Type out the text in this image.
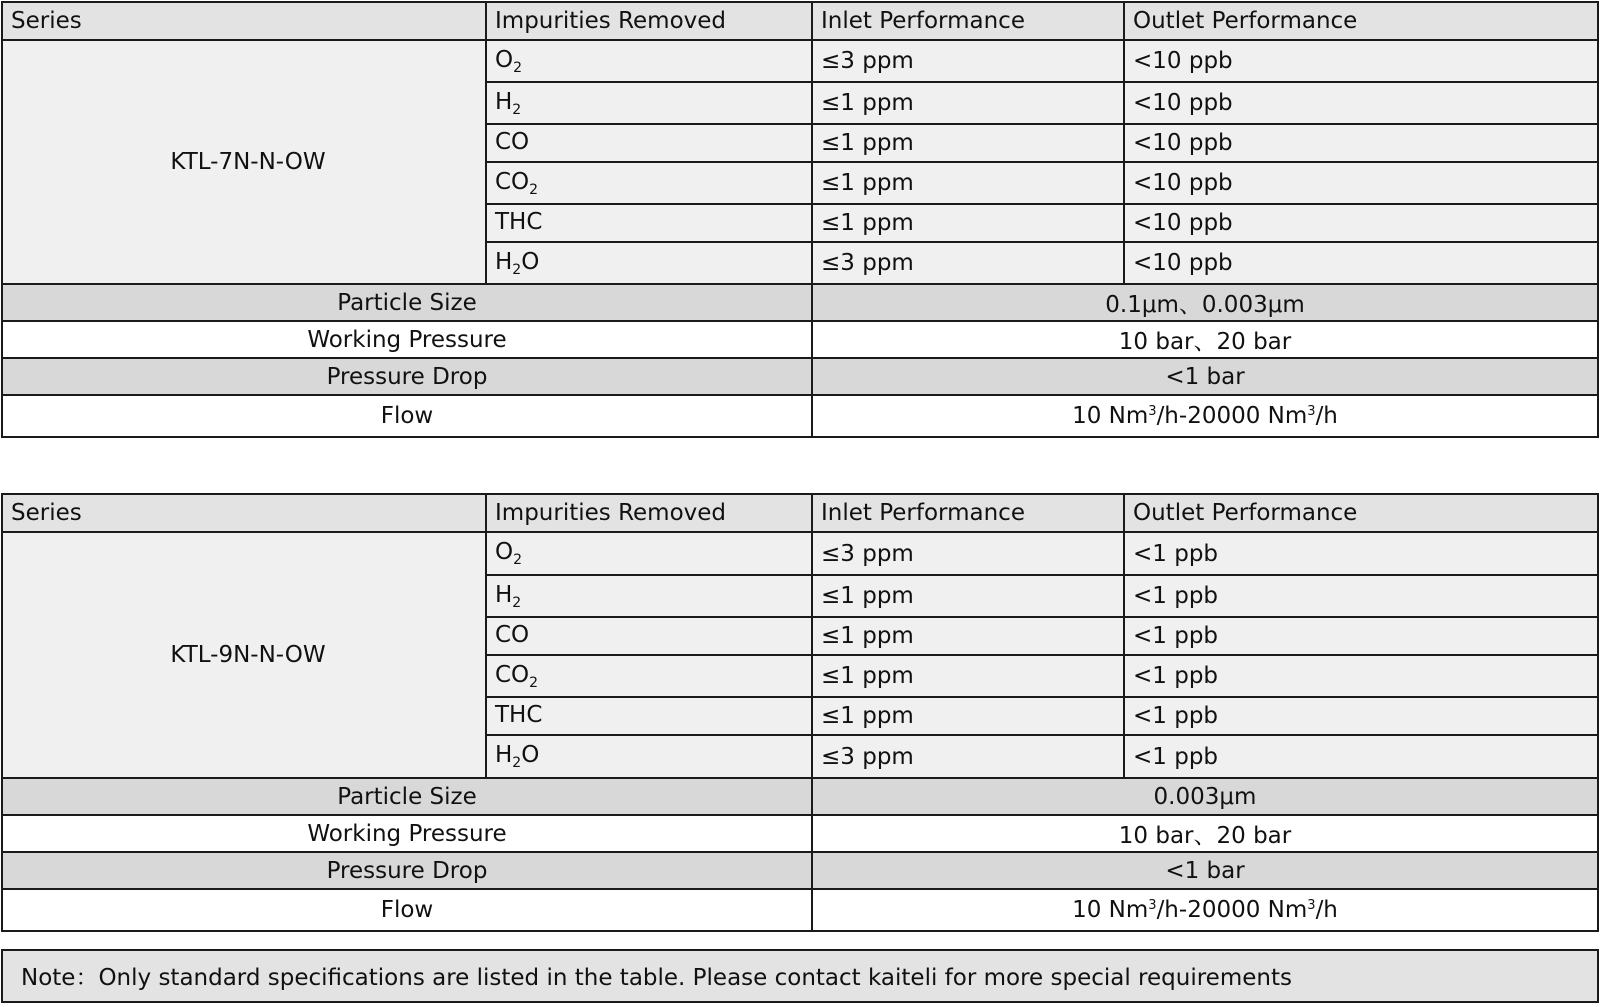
Series	Impurities Removed	Inlet Performance	Outlet Performance
KTL-7N-N-OW	$O_2$	≤3 ppm	<10 ppb
	$H_2$	≤1 ppm	<10 ppb
	CO	≤1 ppm	<10 ppb
	$CO_2$	≤1 ppm	<10 ppb
	THC	≤1 ppm	<10 ppb
	$H_2O$	≤3 ppm	<10 ppb
Particle Size		0.1μm、0.003μm	
Working Pressure		10 bar、20 bar	
Pressure Drop		<1 bar	
Flow		10 Nm$^3$/h-20000 Nm$^3$/h	
Series	Impurities Removed	Inlet Performance	Outlet Performance
KTL-9N-N-OW	$O_2$	≤3 ppm	<1 ppb
	$H_2$	≤1 ppm	<1 ppb
	CO	≤1 ppm	<1 ppb
	$CO_2$	≤1 ppm	<1 ppb
	THC	≤1 ppm	<1 ppb
	$H_2O$	≤3 ppm	<1 ppb
Particle Size		0.003μm	
Working Pressure		10 bar、20 bar	
Pressure Drop		<1 bar	
Flow		10 Nm$^3$/h-20000 Nm$^3$/h	
Note：Only standard specifications are listed in the table. Please contact kaiteli for more special requirements
